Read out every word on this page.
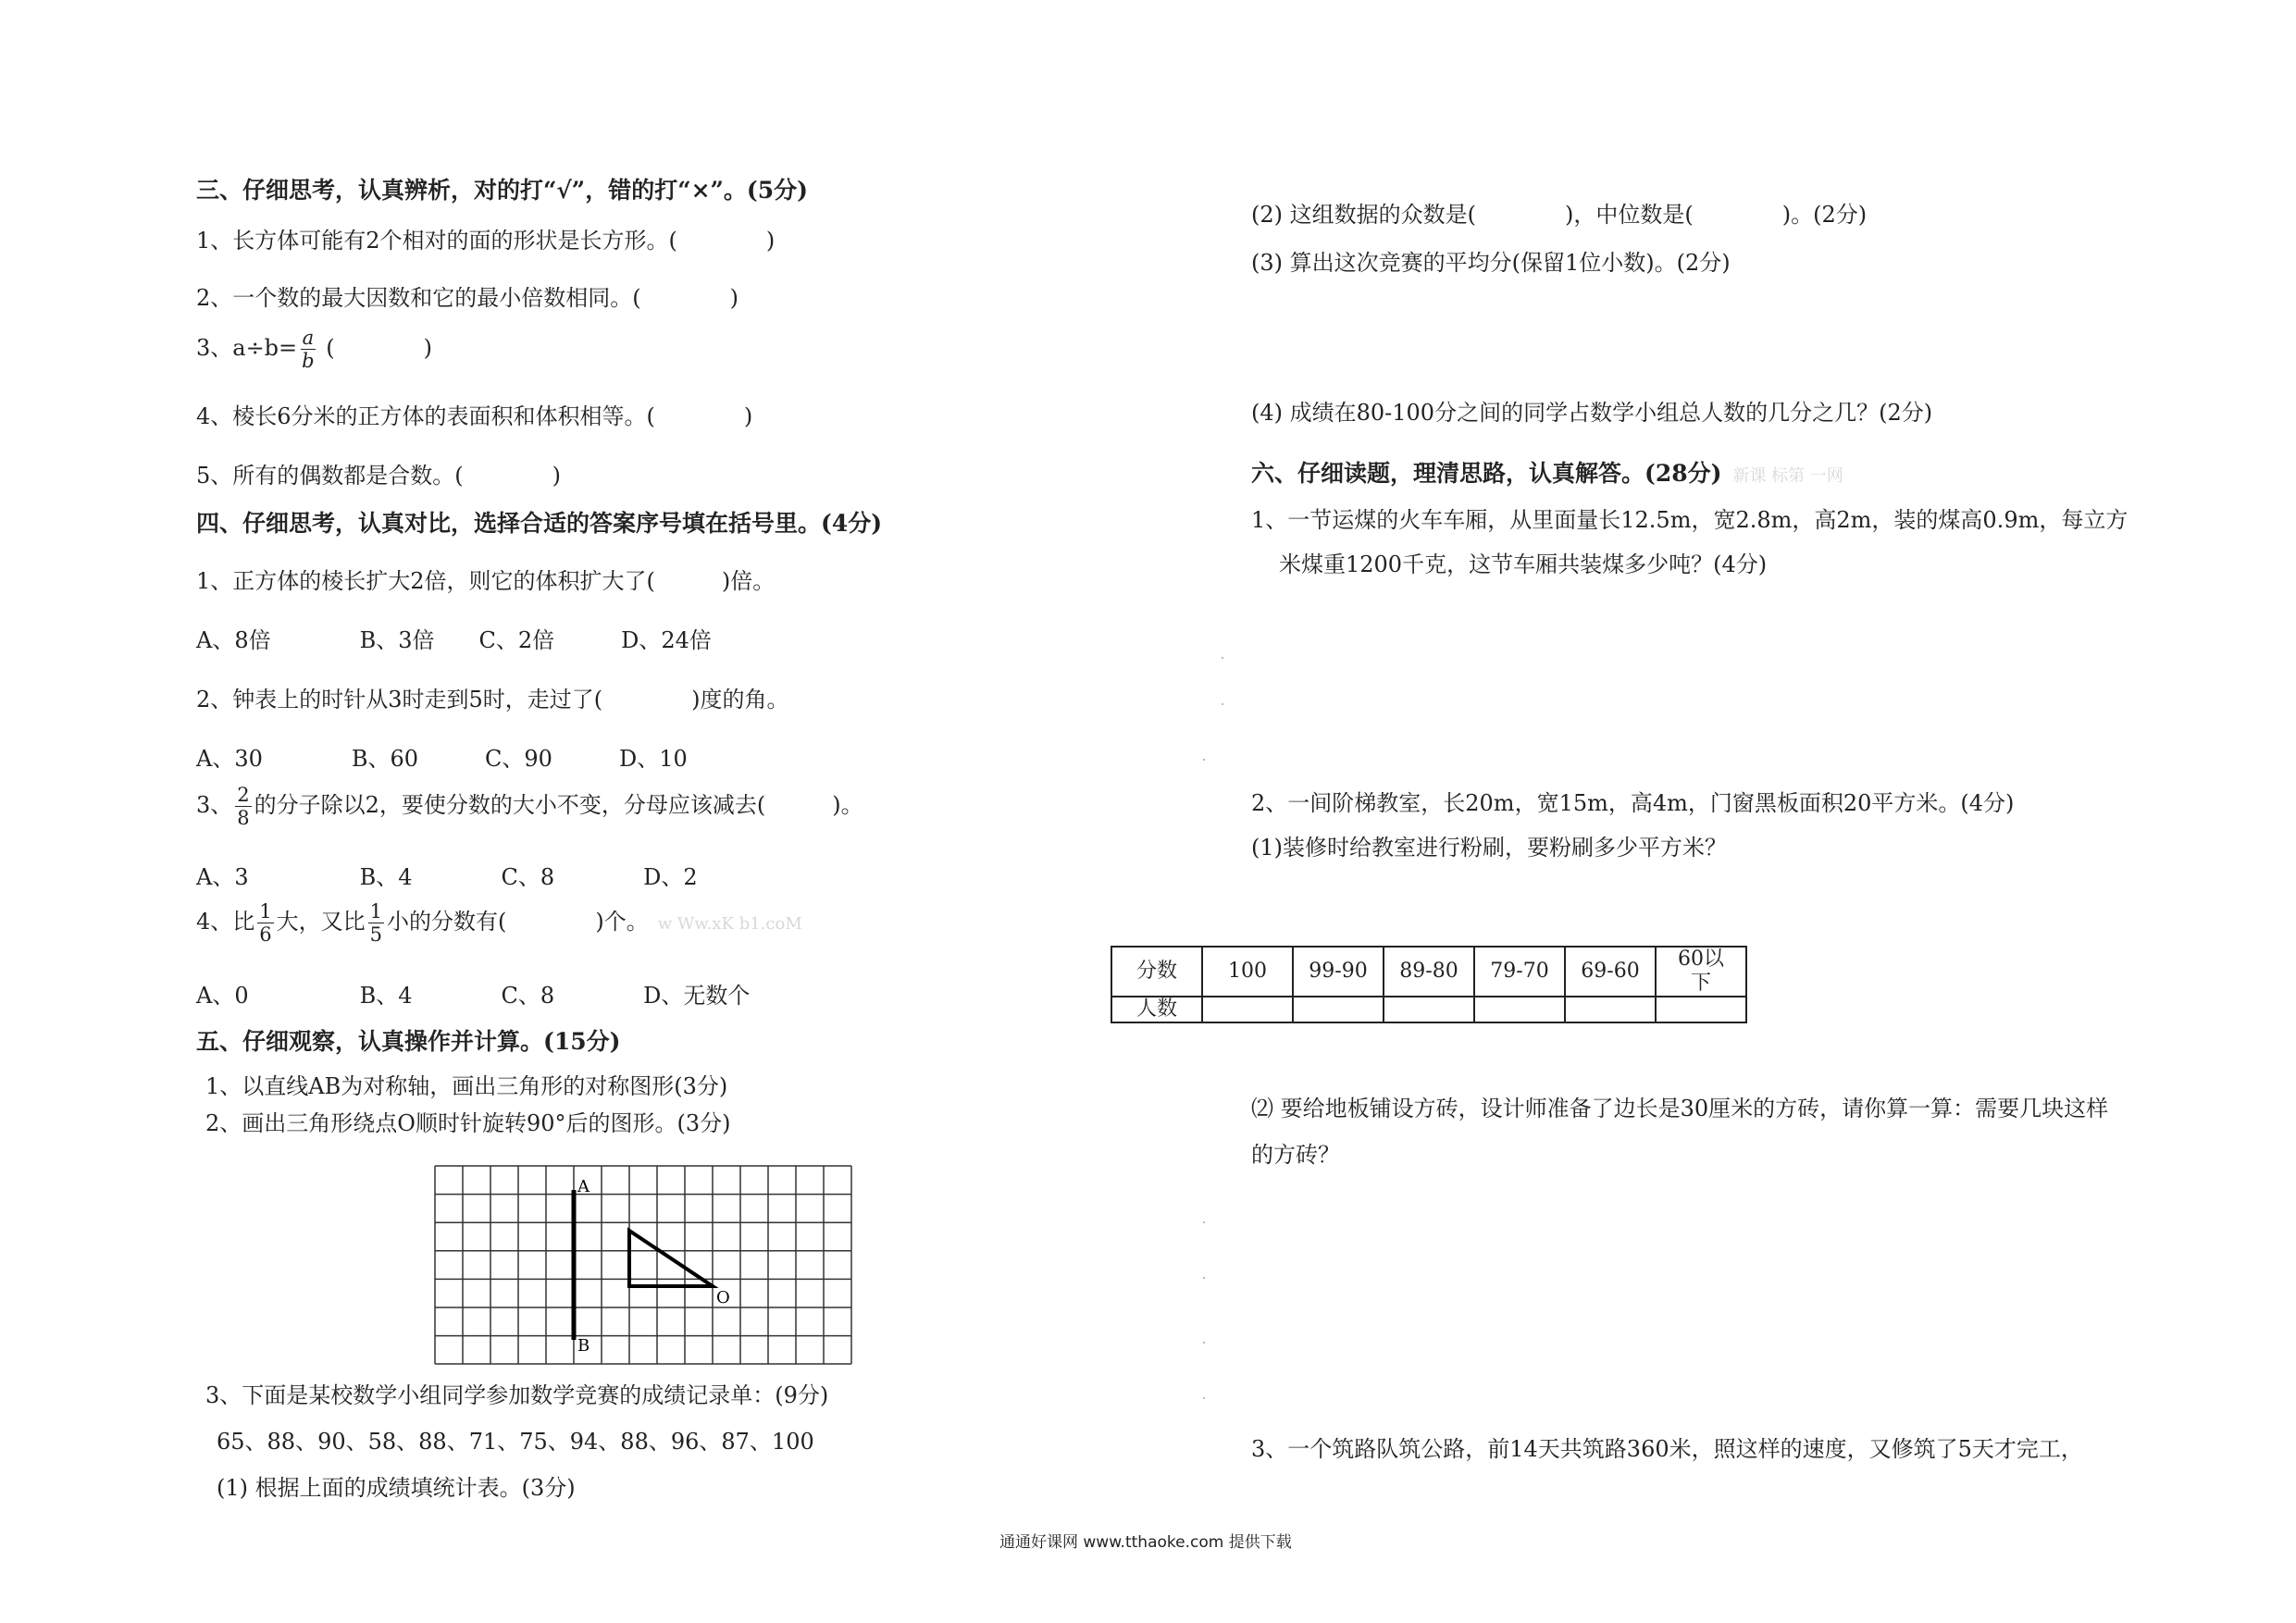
三、仔细思考，认真辨析，对的打“√”，错的打“×”。(5分)
1、长方体可能有2个相对的面的形状是长方形。(　　　　)
2、一个数的最大因数和它的最小倍数相同。(　　　　)
3、$a\div b= \frac{a}{b}$ (　　　　)
4、棱长6分米的正方体的表面积和体积相等。(　　　　)
5、所有的偶数都是合数。(　　　　)
四、仔细思考，认真对比，选择合适的答案序号填在括号里。(4分)
1、正方体的棱长扩大2倍，则它的体积扩大了(　　　)倍。
A、8倍　　　　B、3倍　　C、2倍　　　D、24倍
2、钟表上的时针从3时走到5时，走过了(　　　　)度的角。
A、30　　　　B、60　　　C、90　　　D、10
3、 $\frac{2}{8}$ 的分子除以2，要使分数的大小不变，分母应该减去(　　　)。
A、3　　　　　B、4　　　　C、8　　　　D、2
4、比 $\frac{1}{6}$ 大，又比 $\frac{1}{5}$ 小的分数有(　　　　)个。 w Ww.xK b1.coM
A、0　　　　　B、4　　　　C、8　　　　D、无数个
五、仔细观察，认真操作并计算。(15分)
1、以直线AB为对称轴，画出三角形的对称图形(3分)
2、画出三角形绕点O顺时针旋转90°后的图形。(3分)
A
B
O
3、下面是某校数学小组同学参加数学竞赛的成绩记录单：(9分)
65、88、90、58、88、71、75、94、88、96、87、100
(1) 根据上面的成绩填统计表。(3分)
(2) 这组数据的众数是(　　　　)，中位数是(　　　　)。(2分)
(3) 算出这次竞赛的平均分(保留1位小数)。(2分)
(4) 成绩在80-100分之间的同学占数学小组总人数的几分之几？(2分)
六、仔细读题，理清思路，认真解答。(28分) 新课 标第 一网
1、一节运煤的火车车厢，从里面量长12.5m，宽2.8m，高2m，装的煤高0.9m，每立方
米煤重1200千克，这节车厢共装煤多少吨？(4分)
2、一间阶梯教室，长20m，宽15m，高4m，门窗黑板面积20平方米。(4分)
(1)装修时给教室进行粉刷，要粉刷多少平方米？
分数	100	99-90	89-80	79-70	69-60	60以下
人数						
⑵ 要给地板铺设方砖，设计师准备了边长是30厘米的方砖，请你算一算：需要几块这样
的方砖？
3、一个筑路队筑公路，前14天共筑路360米，照这样的速度，又修筑了5天才完工，
通通好课网 www.tthaoke.com 提供下载
